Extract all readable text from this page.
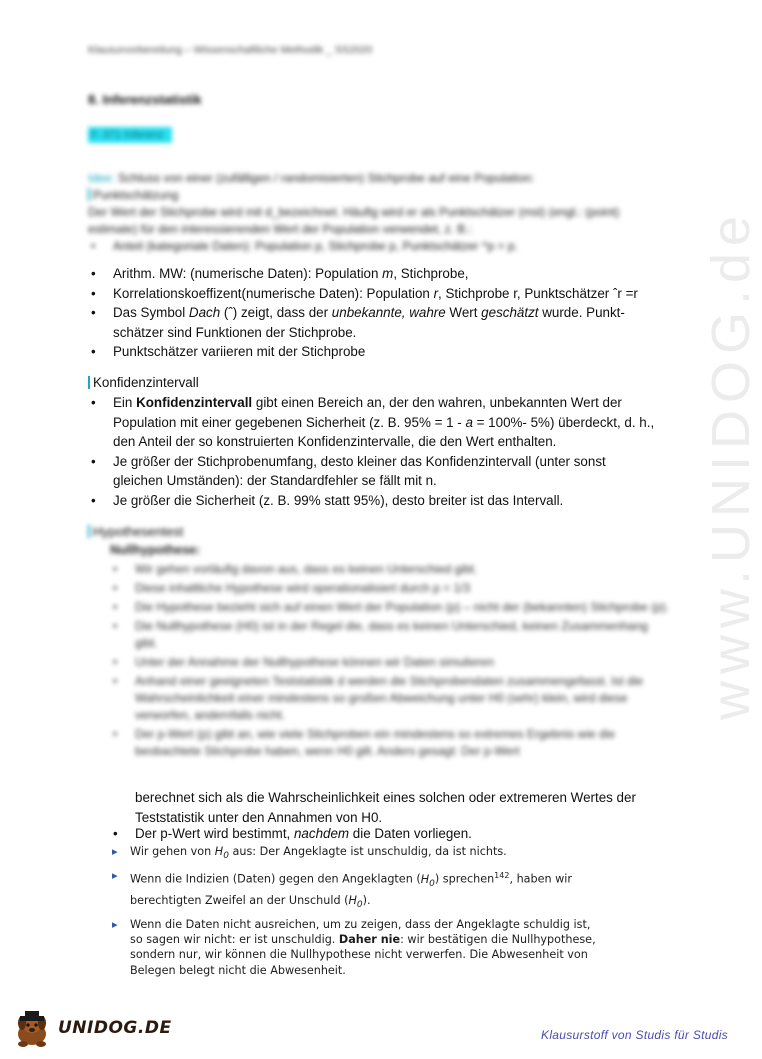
www.UNIDOG.de
Klausurvorbereitung – Wissenschaftliche Methodik _ SS2020
8. Inferenzstatistik
F. 371 Inferenz
Idee: Schluss von einer (zufälligen / randomisierten) Stichprobe auf eine Population:
Punktschätzung
Der Wert der Stichprobe wird mit d_bezeichnet. Häufig wird er als Punktschätzer (msl) (engl.: (point) estimate) für den interessierenden Wert der Population verwendet, z. B.:
• Anteil (kategoriale Daten): Population p, Stichprobe p, Punktschätzer ^p = p.
• Arithm. MW: (numerische Daten): Population m, Stichprobe,
• Korrelationskoeffizent(numerische Daten): Population r, Stichprobe r, Punktschätzer ˆr =r
• Das Symbol Dach (ˆ) zeigt, dass der unbekannte, wahre Wert geschätzt wurde. Punkt-
schätzer sind Funktionen der Stichprobe.
• Punktschätzer variieren mit der Stichprobe
Konfidenzintervall
• Ein Konfidenzintervall gibt einen Bereich an, der den wahren, unbekannten Wert der
Population mit einer gegebenen Sicherheit (z. B. 95% = 1 - a = 100%- 5%) überdeckt, d. h.,
den Anteil der so konstruierten Konfidenzintervalle, die den Wert enthalten.
• Je größer der Stichprobenumfang, desto kleiner das Konfidenzintervall (unter sonst
gleichen Umständen): der Standardfehler se fällt mit n.
• Je größer die Sicherheit (z. B. 99% statt 95%), desto breiter ist das Intervall.
Hypothesentest
Nullhypothese:
• Wir gehen vorläufig davon aus, dass es keinen Unterschied gibt.
• Diese inhaltliche Hypothese wird operationalisiert durch p = 1/3
• Die Hypothese bezieht sich auf einen Wert der Population (p) – nicht der (bekannten) Stichprobe (p).
• Die Nullhypothese (H0) ist in der Regel die, dass es keinen Unterschied, keinen Zusammenhang gibt.
• Unter der Annahme der Nullhypothese können wir Daten simulieren
• Anhand einer geeigneten Teststatistik d werden die Stichprobendaten zusammengefasst. Ist die Wahrscheinlichkeit einer mindestens so großen Abweichung unter H0 (sehr) klein, wird diese verworfen, andernfalls nicht.
• Der p-Wert (p) gibt an, wie viele Stichproben ein mindestens so extremes Ergebnis wie die beobachtete Stichprobe haben, wenn H0 gilt. Anders gesagt: Der p-Wert
berechnet sich als die Wahrscheinlichkeit eines solchen oder extremeren Wertes der
Teststatistik unter den Annahmen von H0.
• Der p-Wert wird bestimmt, nachdem die Daten vorliegen.
▸ Wir gehen von $H_0$ aus: Der Angeklagte ist unschuldig, da ist nichts.
▸ Wenn die Indizien (Daten) gegen den Angeklagten $(H_0)$ sprechen$^{142}$, haben wir
berechtigten Zweifel an der Unschuld $(H_0)$.
▸ Wenn die Daten nicht ausreichen, um zu zeigen, dass der Angeklagte schuldig ist,
so sagen wir nicht: er ist unschuldig. Daher nie: wir bestätigen die Nullhypothese,
sondern nur, wir können die Nullhypothese nicht verwerfen. Die Abwesenheit von
Belegen belegt nicht die Abwesenheit.
UNIDOG.DE	Klausurstoff von Studis für Studis
